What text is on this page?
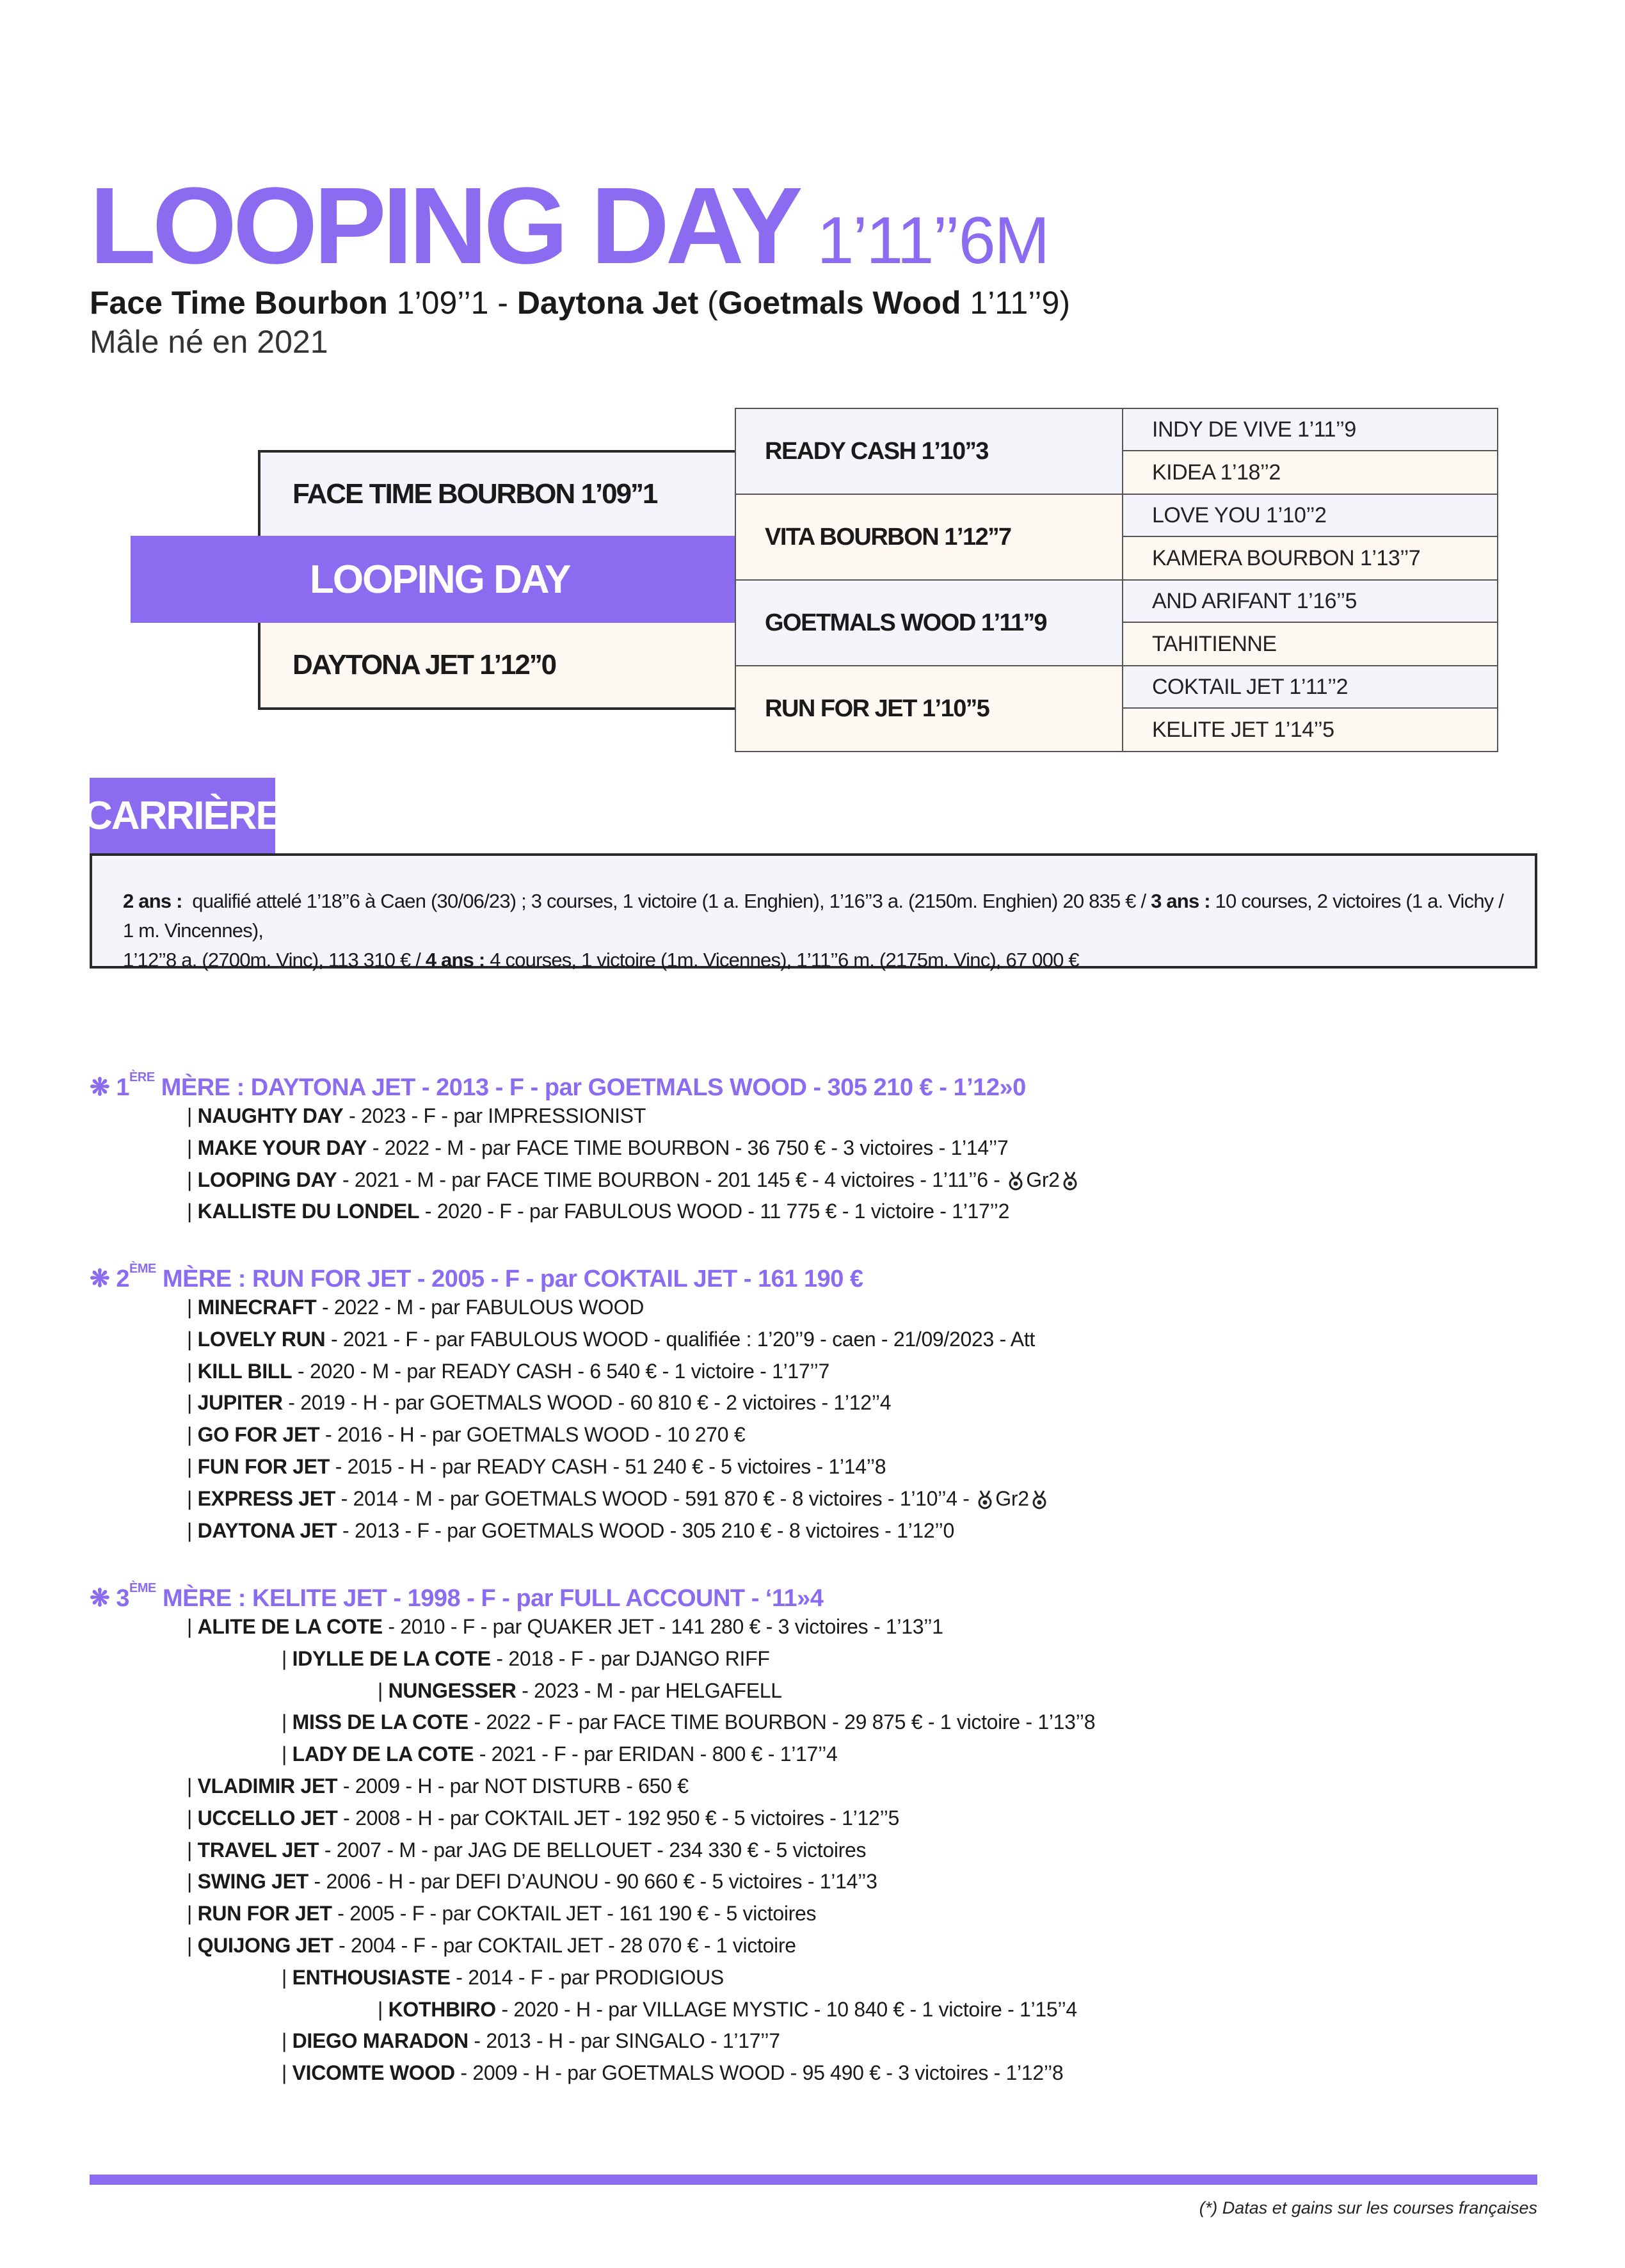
LOOPING DAY 1’11’’6M
Face Time Bourbon 1’09’’1 - Daytona Jet (Goetmals Wood 1’11’’9)
Mâle né en 2021
FACE TIME BOURBON 1’09’’1
LOOPING DAY
DAYTONA JET 1’12’’0
READY CASH 1’10’’3
VITA BOURBON 1’12’’7
GOETMALS WOOD 1’11’’9
RUN FOR JET 1’10’’5
INDY DE VIVE 1’11’’9
KIDEA 1’18’’2
LOVE YOU 1’10’’2
KAMERA BOURBON 1’13’’7
AND ARIFANT 1’16’’5
TAHITIENNE
COKTAIL JET 1’11’’2
KELITE JET 1’14’’5
CARRIÈRE
2 ans : qualifié attelé 1’18’’6 à Caen (30/06/23) ; 3 courses, 1 victoire (1 a. Enghien), 1’16’’3 a. (2150m. Enghien) 20 835 € / 3 ans : 10 courses, 2 victoires (1 a. Vichy / 1 m. Vincennes),
1’12’’8 a. (2700m. Vinc), 113 310 € / 4 ans : 4 courses, 1 victoire (1m. Vicennes), 1’11’’6 m. (2175m. Vinc), 67 000 €
❋ 1ÈRE MÈRE : DAYTONA JET - 2013 - F - par GOETMALS WOOD - 305 210 € - 1’12»0
| NAUGHTY DAY - 2023 - F - par IMPRESSIONIST
| MAKE YOUR DAY - 2022 - M - par FACE TIME BOURBON - 36 750 € - 3 victoires - 1’14’’7
| LOOPING DAY - 2021 - M - par FACE TIME BOURBON - 201 145 € - 4 victoires - 1’11’’6 - Gr2
| KALLISTE DU LONDEL - 2020 - F - par FABULOUS WOOD - 11 775 € - 1 victoire - 1’17’’2
❋ 2ÈME MÈRE : RUN FOR JET - 2005 - F - par COKTAIL JET - 161 190 €
| MINECRAFT - 2022 - M - par FABULOUS WOOD
| LOVELY RUN - 2021 - F - par FABULOUS WOOD - qualifiée : 1’20’’9 - caen - 21/09/2023 - Att
| KILL BILL - 2020 - M - par READY CASH - 6 540 € - 1 victoire - 1’17’’7
| JUPITER - 2019 - H - par GOETMALS WOOD - 60 810 € - 2 victoires - 1’12’’4
| GO FOR JET - 2016 - H - par GOETMALS WOOD - 10 270 €
| FUN FOR JET - 2015 - H - par READY CASH - 51 240 € - 5 victoires - 1’14’’8
| EXPRESS JET - 2014 - M - par GOETMALS WOOD - 591 870 € - 8 victoires - 1’10’’4 - Gr2
| DAYTONA JET - 2013 - F - par GOETMALS WOOD - 305 210 € - 8 victoires - 1’12’’0
❋ 3ÈME MÈRE : KELITE JET - 1998 - F - par FULL ACCOUNT - ‘11»4
| ALITE DE LA COTE - 2010 - F - par QUAKER JET - 141 280 € - 3 victoires - 1’13’’1
| IDYLLE DE LA COTE - 2018 - F - par DJANGO RIFF
| NUNGESSER - 2023 - M - par HELGAFELL
| MISS DE LA COTE - 2022 - F - par FACE TIME BOURBON - 29 875 € - 1 victoire - 1’13’’8
| LADY DE LA COTE - 2021 - F - par ERIDAN - 800 € - 1’17’’4
| VLADIMIR JET - 2009 - H - par NOT DISTURB - 650 €
| UCCELLO JET - 2008 - H - par COKTAIL JET - 192 950 € - 5 victoires - 1’12’’5
| TRAVEL JET - 2007 - M - par JAG DE BELLOUET - 234 330 € - 5 victoires
| SWING JET - 2006 - H - par DEFI D’AUNOU - 90 660 € - 5 victoires - 1’14’’3
| RUN FOR JET - 2005 - F - par COKTAIL JET - 161 190 € - 5 victoires
| QUIJONG JET - 2004 - F - par COKTAIL JET - 28 070 € - 1 victoire
| ENTHOUSIASTE - 2014 - F - par PRODIGIOUS
| KOTHBIRO - 2020 - H - par VILLAGE MYSTIC - 10 840 € - 1 victoire - 1’15’’4
| DIEGO MARADON - 2013 - H - par SINGALO - 1’17’’7
| VICOMTE WOOD - 2009 - H - par GOETMALS WOOD - 95 490 € - 3 victoires - 1’12’’8
(*) Datas et gains sur les courses françaises
